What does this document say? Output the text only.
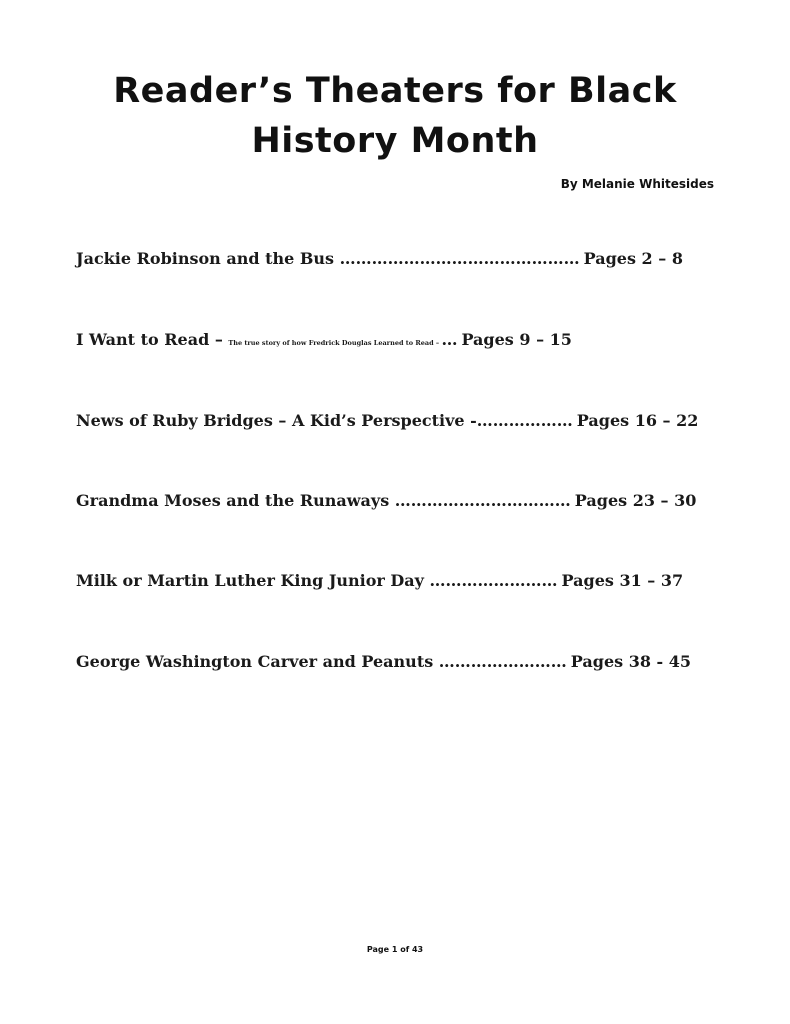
Reader’s Theaters for Black History Month
By Melanie Whitesides
Jackie Robinson and the Bus ……………………………………… Pages 2 – 8
I Want to Read – The true story of how Fredrick Douglas Learned to Read – … Pages 9 – 15
News of Ruby Bridges – A Kid’s Perspective -……………… Pages 16 – 22
Grandma Moses and the Runaways …………………………… Pages 23 – 30
Milk or Martin Luther King Junior Day …………………… Pages 31 – 37
George Washington Carver and Peanuts …………………… Pages 38 - 45
Page 1 of 43
